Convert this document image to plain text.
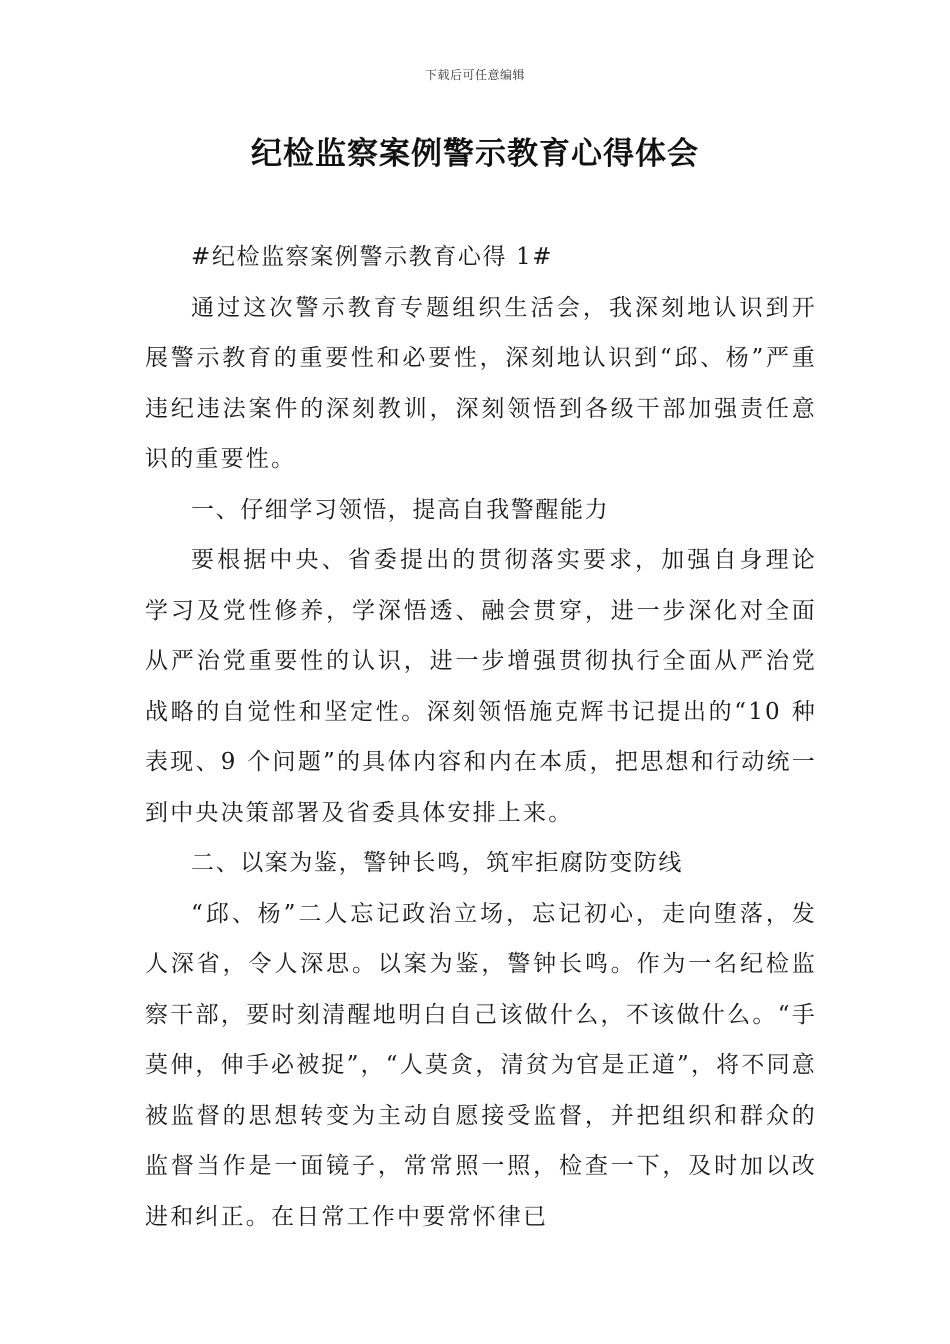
下载后可任意编辑
纪检监察案例警示教育心得体会

#纪检监察案例警示教育心得 1#

通过这次警示教育专题组织生活会，我深刻地认识到开展警示教育的重要性和必要性，深刻地认识到“邱、杨”严重违纪违法案件的深刻教训，深刻领悟到各级干部加强责任意识的重要性。

一、仔细学习领悟，提高自我警醒能力

要根据中央、省委提出的贯彻落实要求，加强自身理论学习及党性修养，学深悟透、融会贯穿，进一步深化对全面从严治党重要性的认识，进一步增强贯彻执行全面从严治党战略的自觉性和坚定性。深刻领悟施克辉书记提出的“10 种表现、9 个问题”的具体内容和内在本质，把思想和行动统一到中央决策部署及省委具体安排上来。

二、以案为鉴，警钟长鸣，筑牢拒腐防变防线

“邱、杨”二人忘记政治立场，忘记初心，走向堕落，发人深省，令人深思。以案为鉴，警钟长鸣。作为一名纪检监察干部，要时刻清醒地明白自己该做什么，不该做什么。“手莫伸，伸手必被捉”，“人莫贪，清贫为官是正道”，将不同意被监督的思想转变为主动自愿接受监督，并把组织和群众的监督当作是一面镜子，常常照一照，检查一下，及时加以改进和纠正。在日常工作中要常怀律已
